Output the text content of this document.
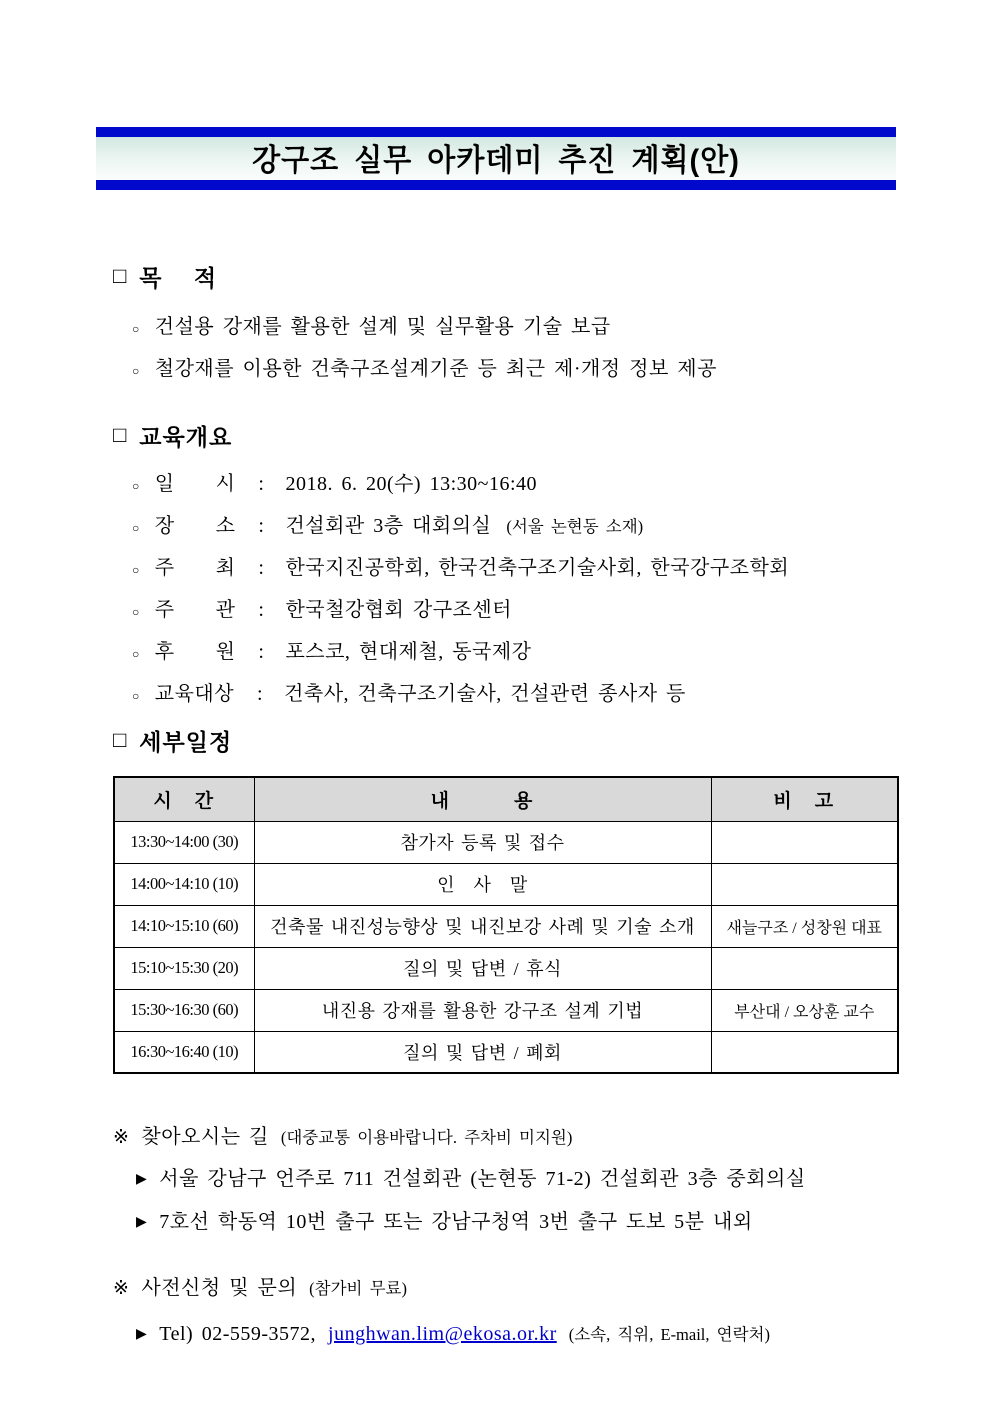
강구조 실무 아카데미 추진 계획(안)
□ 목　 적
○ 건설용 강재를 활용한 설계 및 실무활용 기술 보급
○ 철강재를 이용한 건축구조설계기준 등 최근 제·개정 정보 제공
□ 교육개요
○ 일　　시	:	2018. 6. 20(수) 13:30~16:40
○ 장　　소	:	건설회관 3층 대회의실 (서울 논현동 소재)
○ 주　　최	:	한국지진공학회, 한국건축구조기술사회, 한국강구조학회
○ 주　　관	:	한국철강협회 강구조센터
○ 후　　원	:	포스코, 현대제철, 동국제강
○ 교육대상	:	건축사, 건축구조기술사, 건설관련 종사자 등
□ 세부일정
시　간	내　　　용	비　고
13:30~14:00 (30)	참가자 등록 및 접수	
14:00~14:10 (10)	인　사　말	
14:10~15:10 (60)	건축물 내진성능향상 및 내진보강 사례 및 기술 소개	새늘구조 / 성창원 대표
15:10~15:30 (20)	질의 및 답변 / 휴식	
15:30~16:30 (60)	내진용 강재를 활용한 강구조 설계 기법	부산대 / 오상훈 교수
16:30~16:40 (10)	질의 및 답변 / 폐회	
※ 찾아오시는 길 (대중교통 이용바랍니다. 주차비 미지원)
▶ 서울 강남구 언주로 711 건설회관 (논현동 71-2) 건설회관 3층 중회의실
▶ 7호선 학동역 10번 출구 또는 강남구청역 3번 출구 도보 5분 내외
※ 사전신청 및 문의 (참가비 무료)
▶ Tel) 02-559-3572, junghwan.lim@ekosa.or.kr (소속, 직위, E-mail, 연락처)
